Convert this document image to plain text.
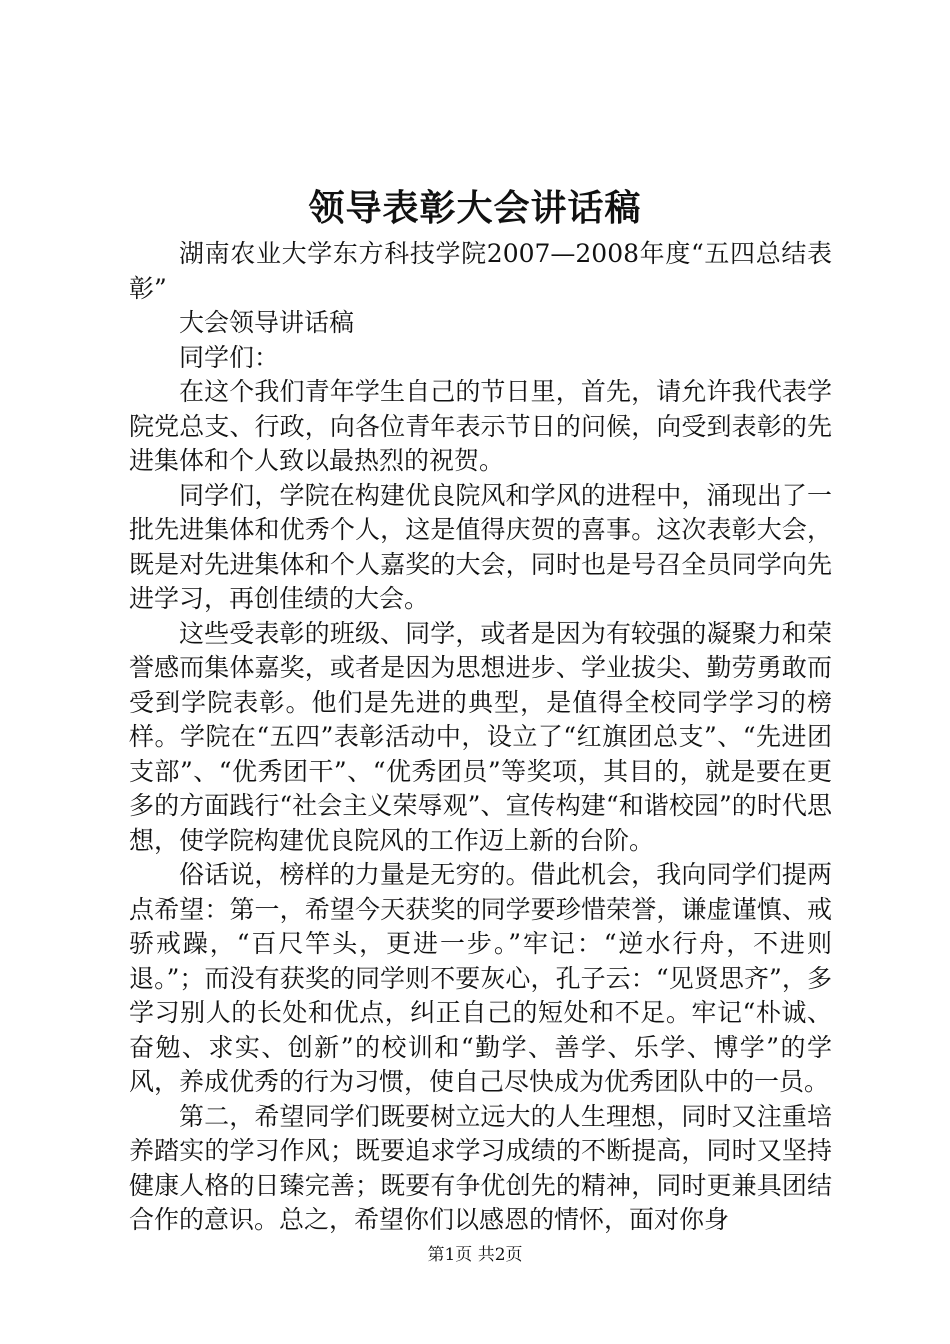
领导表彰大会讲话稿

湖南农业大学东方科技学院2007—2008年度“五四总结表彰”

大会领导讲话稿

同学们：

在这个我们青年学生自己的节日里，首先，请允许我代表学院党总支、行政，向各位青年表示节日的问候，向受到表彰的先进集体和个人致以最热烈的祝贺。

同学们，学院在构建优良院风和学风的进程中，涌现出了一批先进集体和优秀个人，这是值得庆贺的喜事。这次表彰大会，既是对先进集体和个人嘉奖的大会，同时也是号召全员同学向先进学习，再创佳绩的大会。

这些受表彰的班级、同学，或者是因为有较强的凝聚力和荣誉感而集体嘉奖，或者是因为思想进步、学业拔尖、勤劳勇敢而受到学院表彰。他们是先进的典型，是值得全校同学学习的榜样。学院在“五四”表彰活动中，设立了“红旗团总支”、“先进团支部”、“优秀团干”、“优秀团员”等奖项，其目的，就是要在更多的方面践行“社会主义荣辱观”、宣传构建“和谐校园”的时代思想，使学院构建优良院风的工作迈上新的台阶。

俗话说，榜样的力量是无穷的。借此机会，我向同学们提两点希望：第一，希望今天获奖的同学要珍惜荣誉，谦虚谨慎、戒骄戒躁，“百尺竿头，更进一步。”牢记：“逆水行舟，不进则退。”；而没有获奖的同学则不要灰心，孔子云：“见贤思齐”，多学习别人的长处和优点，纠正自己的短处和不足。牢记“朴诚、奋勉、求实、创新”的校训和“勤学、善学、乐学、博学”的学风，养成优秀的行为习惯，使自己尽快成为优秀团队中的一员。

第二，希望同学们既要树立远大的人生理想，同时又注重培养踏实的学习作风；既要追求学习成绩的不断提高，同时又坚持健康人格的日臻完善；既要有争优创先的精神，同时更兼具团结合作的意识。总之，希望你们以感恩的情怀，面对你身

第1页 共2页
